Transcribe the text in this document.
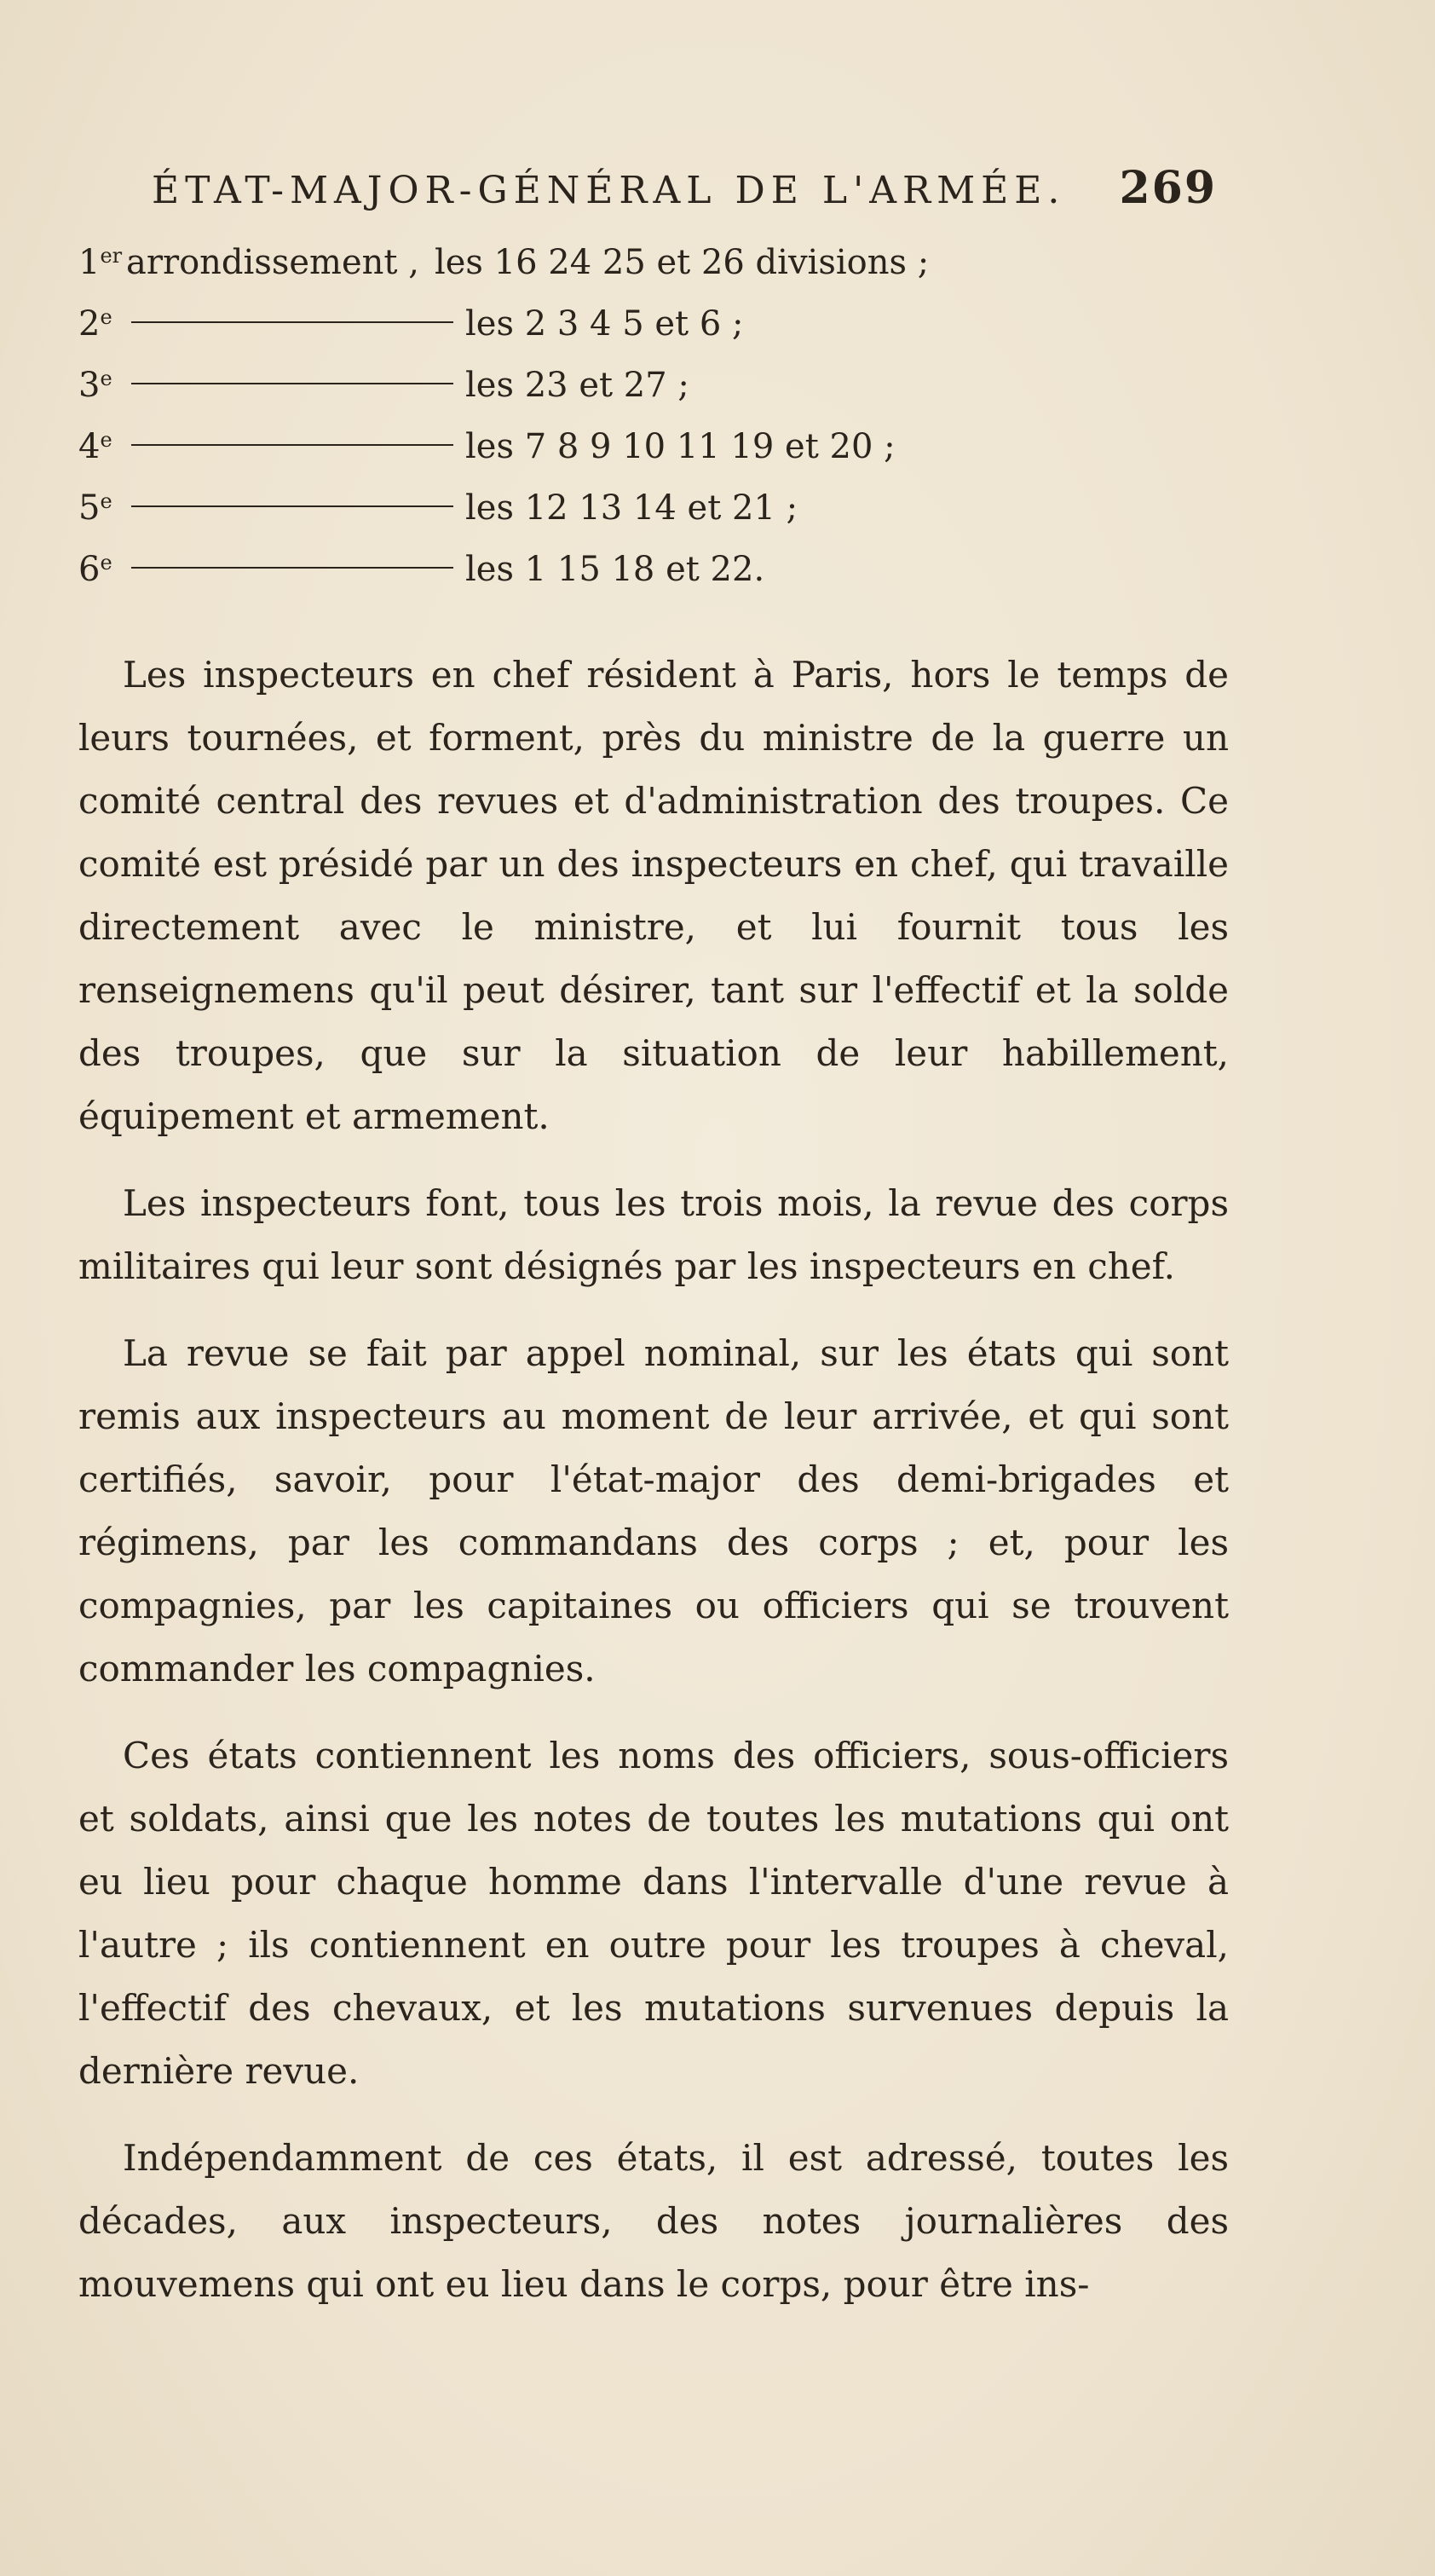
ÉTAT-MAJOR-GÉNÉRAL DE L'ARMÉE. 269
1er arrondissement , les 16 24 25 et 26 divisions ;
2e	les 2 3 4 5 et 6 ;
3e	les 23 et 27 ;
4e	les 7 8 9 10 11 19 et 20 ;
5e	les 12 13 14 et 21 ;
6e	les 1 15 18 et 22.

Les inspecteurs en chef résident à Paris, hors le temps de leurs tournées, et forment, près du ministre de la guerre un comité central des revues et d'administration des troupes. Ce comité est présidé par un des inspecteurs en chef, qui travaille directement avec le ministre, et lui fournit tous les renseignemens qu'il peut désirer, tant sur l'effectif et la solde des troupes, que sur la situation de leur habillement, équipement et armement.

Les inspecteurs font, tous les trois mois, la revue des corps militaires qui leur sont désignés par les inspecteurs en chef.

La revue se fait par appel nominal, sur les états qui sont remis aux inspecteurs au moment de leur arrivée, et qui sont certifiés, savoir, pour l'état-major des demi-brigades et régimens, par les commandans des corps ; et, pour les compagnies, par les capitaines ou officiers qui se trouvent commander les compagnies.

Ces états contiennent les noms des officiers, sous-officiers et soldats, ainsi que les notes de toutes les mutations qui ont eu lieu pour chaque homme dans l'intervalle d'une revue à l'autre ; ils contiennent en outre pour les troupes à cheval, l'effectif des chevaux, et les mutations survenues depuis la dernière revue.

Indépendamment de ces états, il est adressé, toutes les décades, aux inspecteurs, des notes journalières des mouvemens qui ont eu lieu dans le corps, pour être ins-
